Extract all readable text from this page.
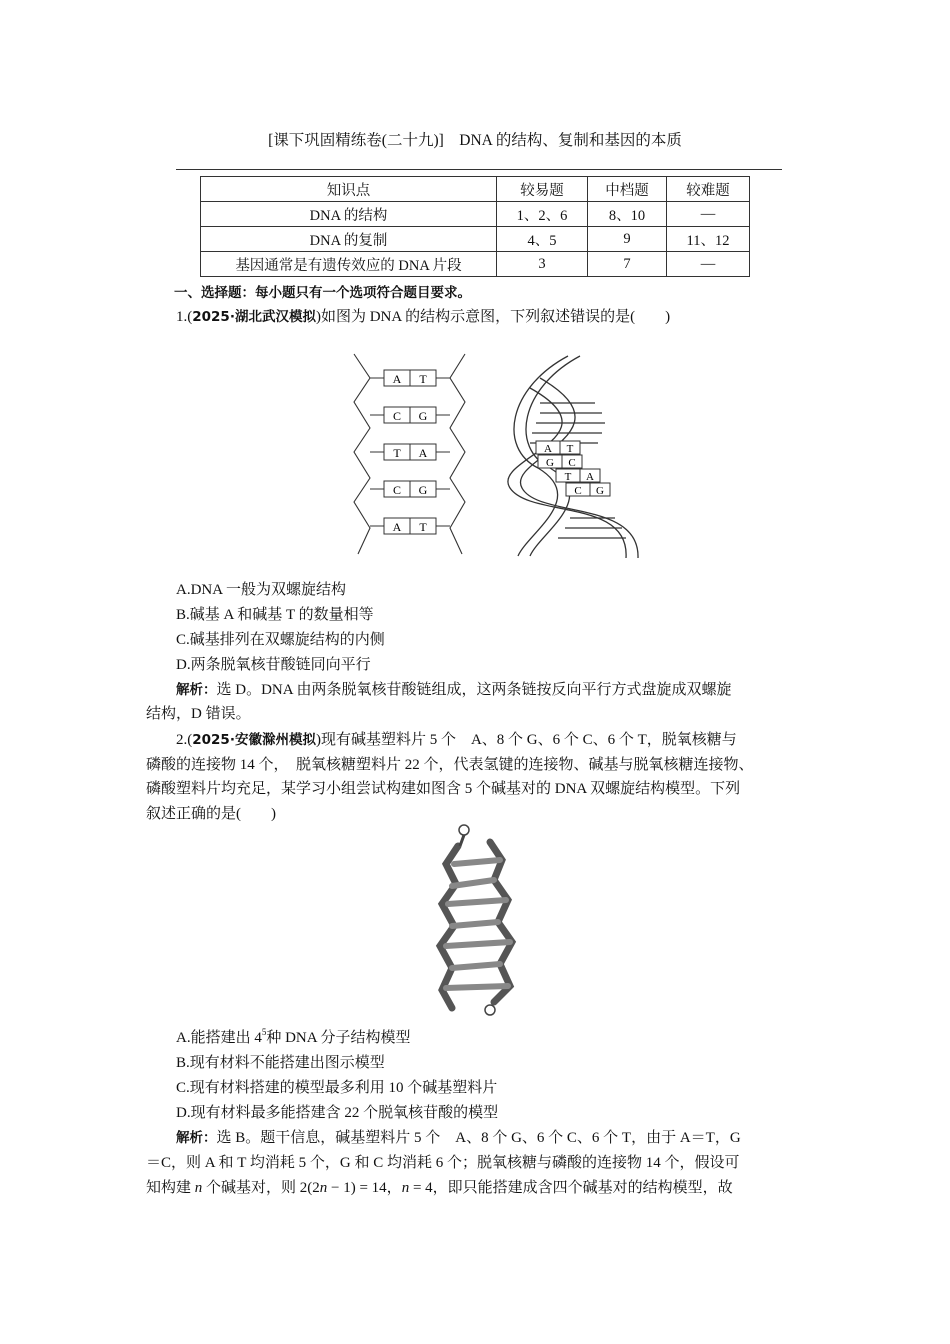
[课下巩固精练卷(二十九)]　DNA 的结构、复制和基因的本质
知识点	较易题	中档题	较难题
DNA 的结构	1、2、6	8、10	—
DNA 的复制	4、5	9	11、12
基因通常是有遗传效应的 DNA 片段	3	7	—
一、选择题：每小题只有一个选项符合题目要求。
1.(2025·湖北武汉模拟)如图为 DNA 的结构示意图，下列叙述错误的是( )
A T
C G
T A
C G
A T
A T
G C
T A
C G
A.DNA 一般为双螺旋结构
B.碱基 A 和碱基 T 的数量相等
C.碱基排列在双螺旋结构的内侧
D.两条脱氧核苷酸链同向平行
解析：选 D。DNA 由两条脱氧核苷酸链组成，这两条链按反向平行方式盘旋成双螺旋
结构，D 错误。
2.(2025·安徽滁州模拟)现有碱基塑料片 5 个　A、8 个 G、6 个 C、6 个 T，脱氧核糖与
磷酸的连接物 14 个，　脱氧核糖塑料片 22 个，代表氢键的连接物、碱基与脱氧核糖连接物、
磷酸塑料片均充足，某学习小组尝试构建如图含 5 个碱基对的 DNA 双螺旋结构模型。下列
叙述正确的是( )
A.能搭建出 $4^5$种 DNA 分子结构模型
B.现有材料不能搭建出图示模型
C.现有材料搭建的模型最多利用 10 个碱基塑料片
D.现有材料最多能搭建含 22 个脱氧核苷酸的模型
解析：选 B。题干信息，碱基塑料片 5 个　A、8 个 G、6 个 C、6 个 T，由于 A＝T，G
＝C，则 A 和 T 均消耗 5 个，G 和 C 均消耗 6 个；脱氧核糖与磷酸的连接物 14 个，假设可
知构建 n 个碱基对，则 2(2n − 1) = 14，n = 4，即只能搭建成含四个碱基对的结构模型，故
